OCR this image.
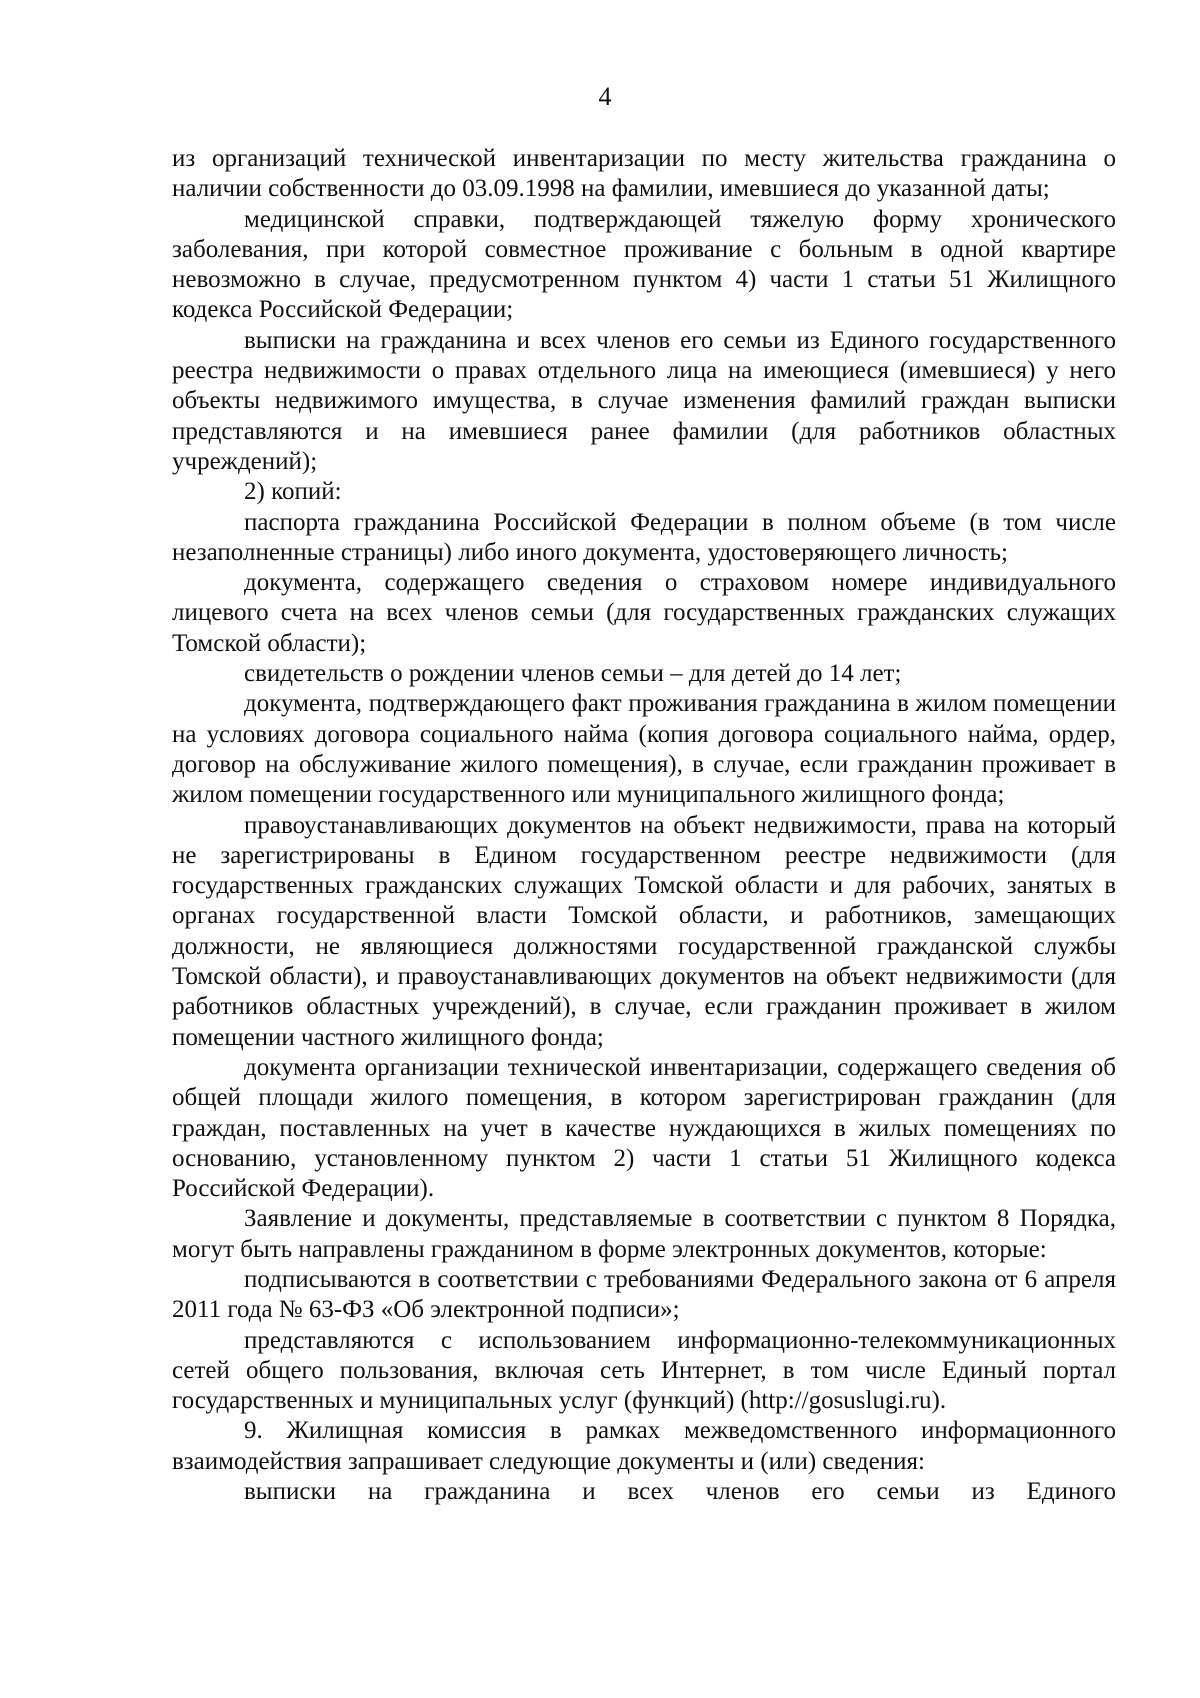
4

из организаций технической инвентаризации по месту жительства гражданина о наличии собственности до 03.09.1998 на фамилии, имевшиеся до указанной даты;

медицинской справки, подтверждающей тяжелую форму хронического заболевания, при которой совместное проживание с больным в одной квартире невозможно в случае, предусмотренном пунктом 4) части 1 статьи 51 Жилищного кодекса Российской Федерации;

выписки на гражданина и всех членов его семьи из Единого государственного реестра недвижимости о правах отдельного лица на имеющиеся (имевшиеся) у него объекты недвижимого имущества, в случае изменения фамилий граждан выписки представляются и на имевшиеся ранее фамилии (для работников областных учреждений);

2) копий:

паспорта гражданина Российской Федерации в полном объеме (в том числе незаполненные страницы) либо иного документа, удостоверяющего личность;

документа, содержащего сведения о страховом номере индивидуального лицевого счета на всех членов семьи (для государственных гражданских служащих Томской области);

свидетельств о рождении членов семьи – для детей до 14 лет;

документа, подтверждающего факт проживания гражданина в жилом помещении на условиях договора социального найма (копия договора социального найма, ордер, договор на обслуживание жилого помещения), в случае, если гражданин проживает в жилом помещении государственного или муниципального жилищного фонда;

правоустанавливающих документов на объект недвижимости, права на который не зарегистрированы в Едином государственном реестре недвижимости (для государственных гражданских служащих Томской области и для рабочих, занятых в органах государственной власти Томской области, и работников, замещающих должности, не являющиеся должностями государственной гражданской службы Томской области), и правоустанавливающих документов на объект недвижимости (для работников областных учреждений), в случае, если гражданин проживает в жилом помещении частного жилищного фонда;

документа организации технической инвентаризации, содержащего сведения об общей площади жилого помещения, в котором зарегистрирован гражданин (для граждан, поставленных на учет в качестве нуждающихся в жилых помещениях по основанию, установленному пунктом 2) части 1 статьи 51 Жилищного кодекса Российской Федерации).

Заявление и документы, представляемые в соответствии с пунктом 8 Порядка, могут быть направлены гражданином в форме электронных документов, которые:

подписываются в соответствии с требованиями Федерального закона от 6 апреля 2011 года № 63-ФЗ «Об электронной подписи»;

представляются с использованием информационно-телекоммуникационных сетей общего пользования, включая сеть Интернет, в том числе Единый портал государственных и муниципальных услуг (функций) (http://gosuslugi.ru).

9. Жилищная комиссия в рамках межведомственного информационного взаимодействия запрашивает следующие документы и (или) сведения:

выписки на гражданина и всех членов его семьи из Единого
